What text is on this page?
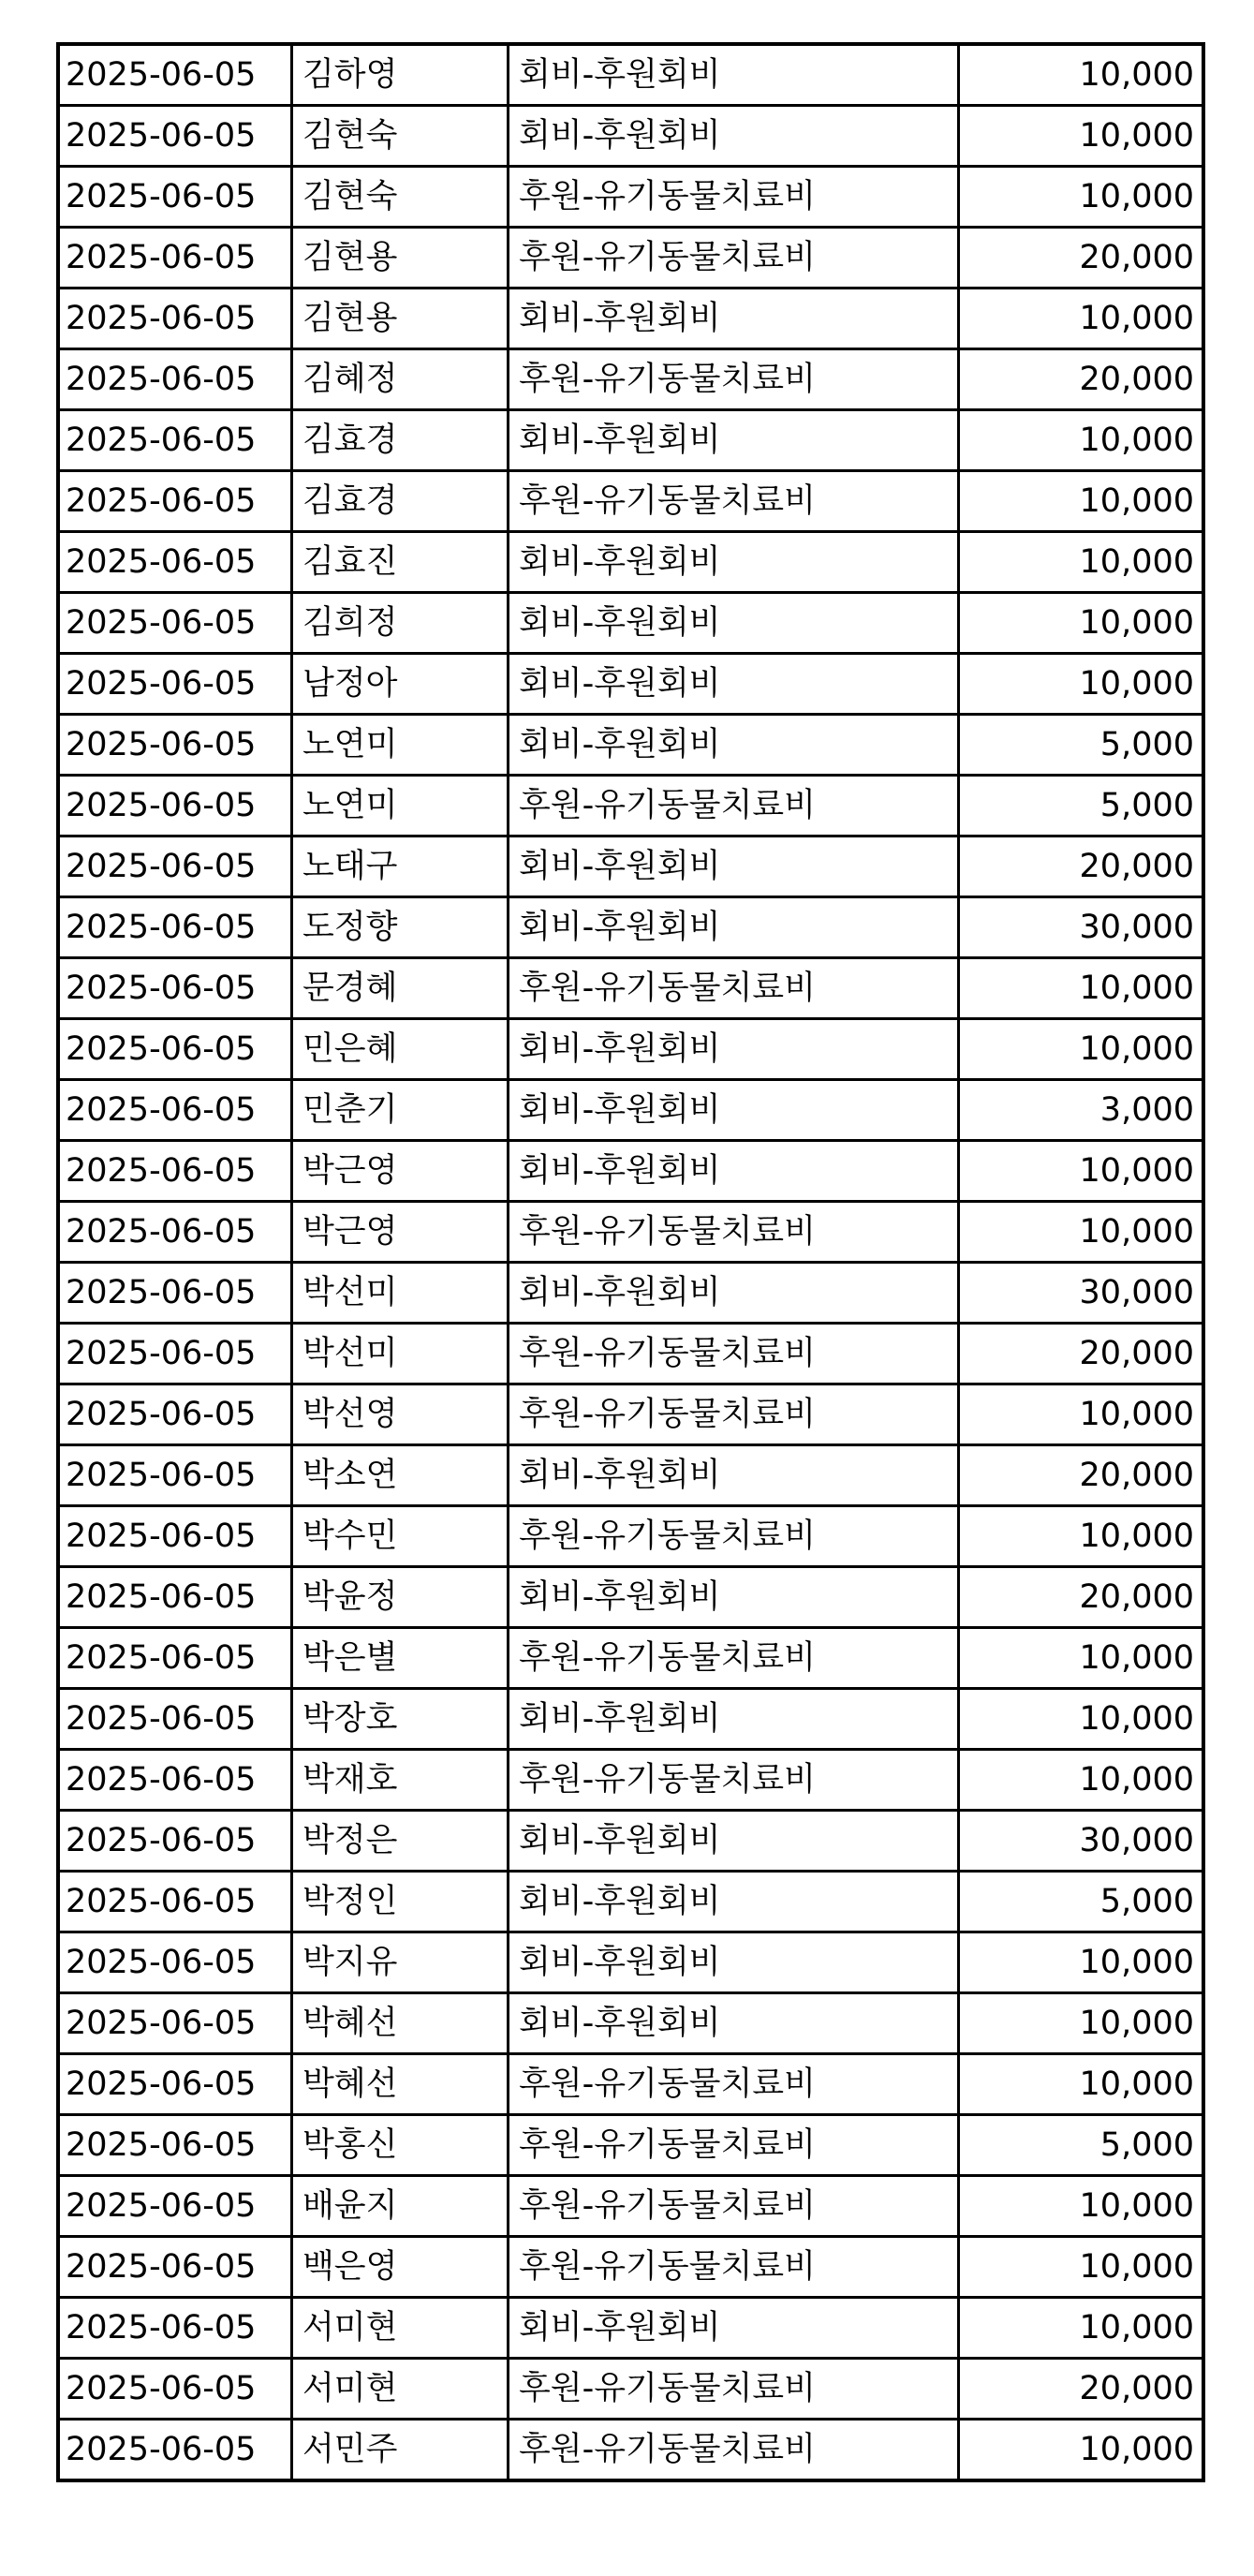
2025-06-05	김하영	회비-후원회비	10,000
2025-06-05	김현숙	회비-후원회비	10,000
2025-06-05	김현숙	후원-유기동물치료비	10,000
2025-06-05	김현용	후원-유기동물치료비	20,000
2025-06-05	김현용	회비-후원회비	10,000
2025-06-05	김혜정	후원-유기동물치료비	20,000
2025-06-05	김효경	회비-후원회비	10,000
2025-06-05	김효경	후원-유기동물치료비	10,000
2025-06-05	김효진	회비-후원회비	10,000
2025-06-05	김희정	회비-후원회비	10,000
2025-06-05	남정아	회비-후원회비	10,000
2025-06-05	노연미	회비-후원회비	5,000
2025-06-05	노연미	후원-유기동물치료비	5,000
2025-06-05	노태구	회비-후원회비	20,000
2025-06-05	도정향	회비-후원회비	30,000
2025-06-05	문경혜	후원-유기동물치료비	10,000
2025-06-05	민은혜	회비-후원회비	10,000
2025-06-05	민춘기	회비-후원회비	3,000
2025-06-05	박근영	회비-후원회비	10,000
2025-06-05	박근영	후원-유기동물치료비	10,000
2025-06-05	박선미	회비-후원회비	30,000
2025-06-05	박선미	후원-유기동물치료비	20,000
2025-06-05	박선영	후원-유기동물치료비	10,000
2025-06-05	박소연	회비-후원회비	20,000
2025-06-05	박수민	후원-유기동물치료비	10,000
2025-06-05	박윤정	회비-후원회비	20,000
2025-06-05	박은별	후원-유기동물치료비	10,000
2025-06-05	박장호	회비-후원회비	10,000
2025-06-05	박재호	후원-유기동물치료비	10,000
2025-06-05	박정은	회비-후원회비	30,000
2025-06-05	박정인	회비-후원회비	5,000
2025-06-05	박지유	회비-후원회비	10,000
2025-06-05	박혜선	회비-후원회비	10,000
2025-06-05	박혜선	후원-유기동물치료비	10,000
2025-06-05	박홍신	후원-유기동물치료비	5,000
2025-06-05	배윤지	후원-유기동물치료비	10,000
2025-06-05	백은영	후원-유기동물치료비	10,000
2025-06-05	서미현	회비-후원회비	10,000
2025-06-05	서미현	후원-유기동물치료비	20,000
2025-06-05	서민주	후원-유기동물치료비	10,000
